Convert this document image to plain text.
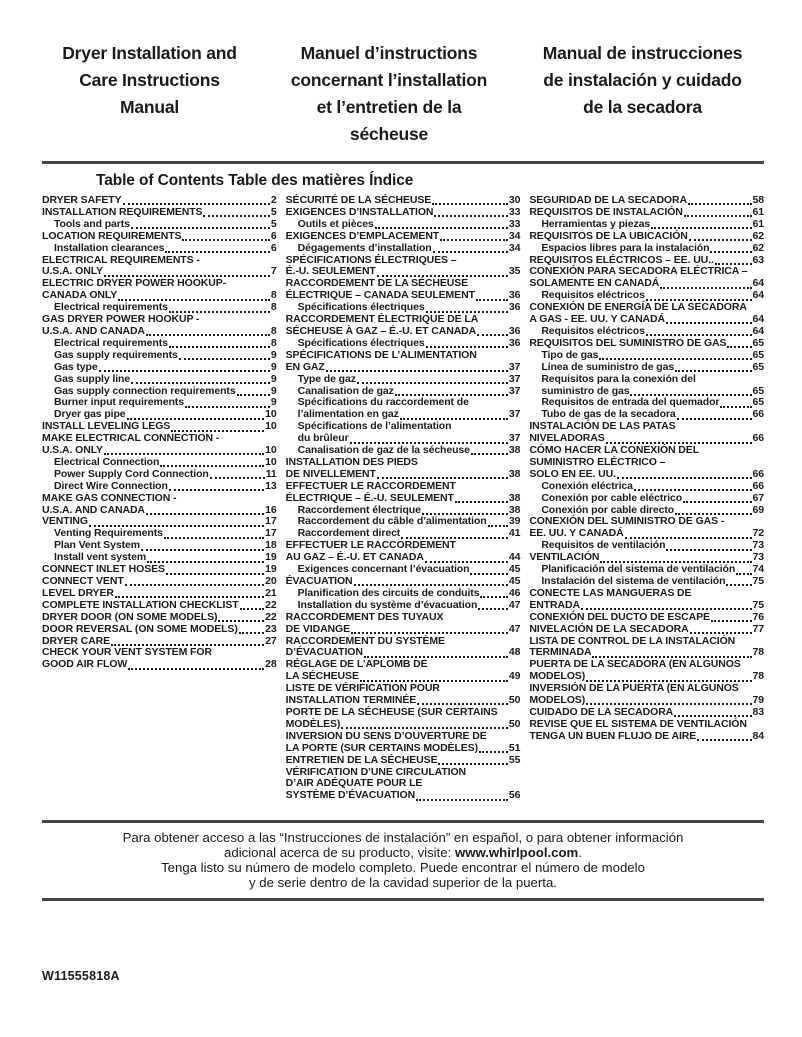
Dryer Installation and
Care Instructions
Manual
Manuel d’instructions
concernant l’installation
et l’entretien de la
sécheuse
Manual de instrucciones
de instalación y cuidado
de la secadora
Table of Contents Table des matières Índice
DRYER SAFETY	2
INSTALLATION REQUIREMENTS	5
Tools and parts	5
LOCATION REQUIREMENTS	6
Installation clearances	6
ELECTRICAL REQUIREMENTS -
U.S.A. ONLY	7
ELECTRIC DRYER POWER HOOKUP-
CANADA ONLY	8
Electrical requirements	8
GAS DRYER POWER HOOKUP -
U.S.A. AND CANADA	8
Electrical requirements	8
Gas supply requirements	9
Gas type	9
Gas supply line	9
Gas supply connection requirements	9
Burner input requirements	9
Dryer gas pipe	10
INSTALL LEVELING LEGS	10
MAKE ELECTRICAL CONNECTION -
U.S.A. ONLY	10
Electrical Connection	10
Power Supply Cord Connection	11
Direct Wire Connection	13
MAKE GAS CONNECTION -
U.S.A. AND CANADA	16
VENTING	17
Venting Requirements	17
Plan Vent System	18
Install vent system	19
CONNECT INLET HOSES	19
CONNECT VENT	20
LEVEL DRYER	21
COMPLETE INSTALLATION CHECKLIST	22
DRYER DOOR (ON SOME MODELS)	22
DOOR REVERSAL (ON SOME MODELS)	23
DRYER CARE	27
CHECK YOUR VENT SYSTEM FOR
GOOD AIR FLOW	28
SÉCURITÉ DE LA SÉCHEUSE	30
EXIGENCES D’INSTALLATION	33
Outils et pièces	33
EXIGENCES D’EMPLACEMENT	34
Dégagements d’installation	34
SPÉCIFICATIONS ÉLECTRIQUES –
É.-U. SEULEMENT	35
RACCORDEMENT DE LA SÉCHEUSE
ÉLECTRIQUE – CANADA SEULEMENT	36
Spécifications électriques	36
RACCORDEMENT ÉLECTRIQUE DE LA
SÉCHEUSE À GAZ – É.-U. ET CANADA	36
Spécifications électriques	36
SPÉCIFICATIONS DE L’ALIMENTATION
EN GAZ	37
Type de gaz	37
Canalisation de gaz	37
Spécifications du raccordement de
l’alimentation en gaz	37
Spécifications de l’alimentation
du brûleur	37
Canalisation de gaz de la sécheuse	38
INSTALLATION DES PIEDS
DE NIVELLEMENT	38
EFFECTUER LE RACCORDEMENT
ÉLECTRIQUE – É.-U. SEULEMENT	38
Raccordement électrique	38
Raccordement du câble d’alimentation 39
Raccordement direct	41
EFFECTUER LE RACCORDEMENT
AU GAZ – É.-U. ET CANADA	44
Exigences concernant l’évacuation	45
ÉVACUATION	45
Planification des circuits de conduits	46
Installation du système d’évacuation	47
RACCORDEMENT DES TUYAUX
DE VIDANGE	47
RACCORDEMENT DU SYSTÈME
D’ÉVACUATION	48
RÉGLAGE DE L’APLOMB DE
LA SÉCHEUSE	49
LISTE DE VÉRIFICATION POUR
INSTALLATION TERMINÉE	50
PORTE DE LA SÉCHEUSE (SUR CERTAINS
MODÈLES)	50
INVERSION DU SENS D’OUVERTURE DE
LA PORTE (SUR CERTAINS MODÈLES)	51
ENTRETIEN DE LA SÉCHEUSE	55
VÉRIFICATION D’UNE CIRCULATION
D’AIR ADÉQUATE POUR LE
SYSTÈME D’ÉVACUATION	56
SEGURIDAD DE LA SECADORA	58
REQUISITOS DE INSTALACIÓN	61
Herramientas y piezas	61
REQUISITOS DE LA UBICACIÓN	62
Espacios libres para la instalación	62
REQUISITOS ELÉCTRICOS – EE. UU..	63
CONEXIÓN PARA SECADORA ELÉCTRICA –
SOLAMENTE EN CANADÁ	64
Requisitos eléctricos	64
CONEXIÓN DE ENERGÍA DE LA SECADORA
A GAS - EE. UU. Y CANADÁ	64
Requisitos eléctricos	64
REQUISITOS DEL SUMINISTRO DE GAS 65
Tipo de gas	65
Línea de suministro de gas	65
Requisitos para la conexión del
suministro de gas	65
Requisitos de entrada del quemador	65
Tubo de gas de la secadora	66
INSTALACIÓN DE LAS PATAS
NIVELADORAS	66
CÓMO HACER LA CONEXIÓN DEL
SUMINISTRO ELÉCTRICO –
SOLO EN EE. UU.	66
Conexión eléctrica	66
Conexión por cable eléctrico	67
Conexión por cable directo	69
CONEXIÓN DEL SUMINISTRO DE GAS -
EE. UU. Y CANADÁ	72
Requisitos de ventilación	73
VENTILACIÓN	73
Planificación del sistema de ventilación 74
Instalación del sistema de ventilación	75
CONECTE LAS MANGUERAS DE
ENTRADA	75
CONEXIÓN DEL DUCTO DE ESCAPE	76
NIVELACIÓN DE LA SECADORA	77
LISTA DE CONTROL DE LA INSTALACIÓN
TERMINADA	78
PUERTA DE LA SECADORA (EN ALGUNOS
MODELOS)	78
INVERSIÓN DE LA PUERTA (EN ALGUNOS
MODELOS)	79
CUIDADO DE LA SECADORA	83
REVISE QUE EL SISTEMA DE VENTILACIÓN
TENGA UN BUEN FLUJO DE AIRE	84
Para obtener acceso a las “Instrucciones de instalación” en español, o para obtener información
adicional acerca de su producto, visite: www.whirlpool.com.
Tenga listo su número de modelo completo. Puede encontrar el número de modelo
y de serie dentro de la cavidad superior de la puerta.
W11555818A
